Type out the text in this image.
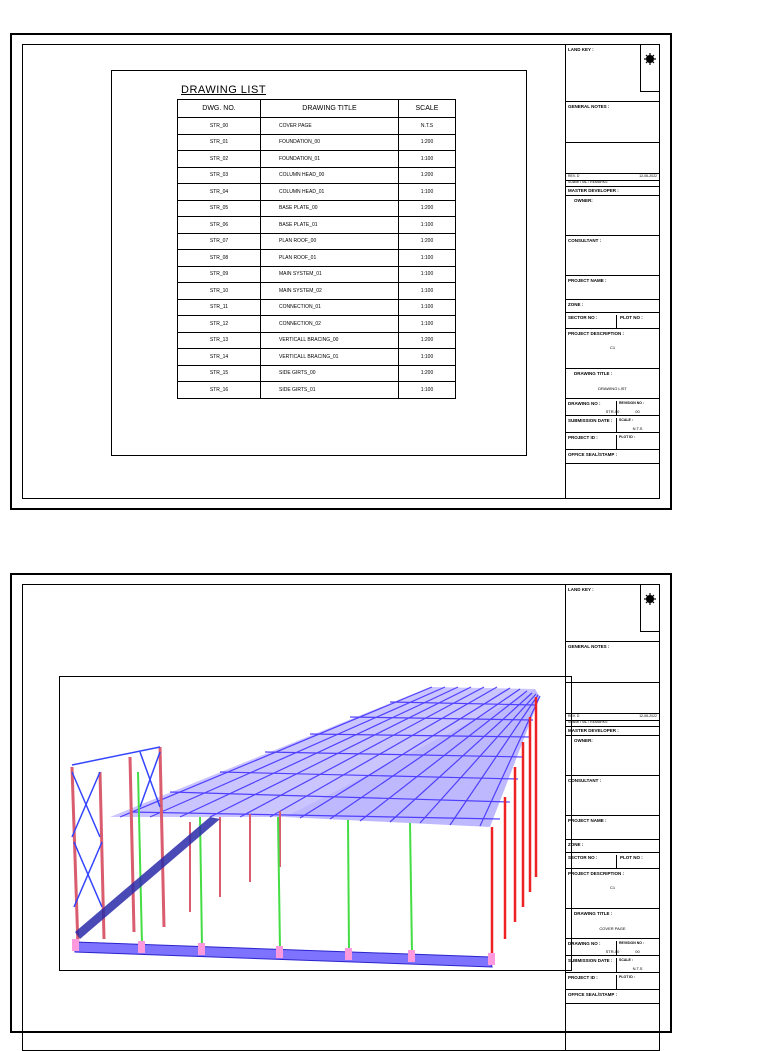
DRAWING LIST
DWG. NO.	DRAWING TITLE	SCALE
STR_00	COVER PAGE	N.T.S
STR_01	FOUNDATION_00	1:200
STR_02	FOUNDATION_01	1:100
STR_03	COLUMN HEAD_00	1:200
STR_04	COLUMN HEAD_01	1:100
STR_05	BASE PLATE_00	1:200
STR_06	BASE PLATE_01	1:100
STR_07	PLAN ROOF_00	1:200
STR_08	PLAN ROOF_01	1:100
STR_09	MAIN SYSTEM_01	1:100
STR_10	MAIN SYSTEM_02	1:100
STR_11	CONNECTION_01	1:100
STR_12	CONNECTION_02	1:100
STR_13	VERTICALL BRACING_00	1:200
STR_14	VERTICALL BRACING_01	1:100
STR_15	SIDE GIRTS_00	1:200
STR_16	SIDE GIRTS_01	1:100
LAND KEY :
GENERAL NOTES :
MASTER DEVELOPER :
OWNER:
CONSULTANT :
PROJECT NAME :
ZONE :
SECTOR NO :
PROJECT DESCRIPTION :
DRAWING TITLE :
DRAWING NO :
SUBMISSION DATE :
PROJECT ID :
OFFICE SEAL/STAMP :
REV. D
SUBMITTAL / REMARKS
12-06-2022
PLOT NO :
C1
DRAWING LIST
STR-00
N.T.S
00
REVISION NO :
SCALE :
PLOT ID :
LAND KEY :
GENERAL NOTES :
MASTER DEVELOPER :
OWNER:
CONSULTANT :
PROJECT NAME :
ZONE :
SECTOR NO :
PROJECT DESCRIPTION :
DRAWING TITLE :
DRAWING NO :
SUBMISSION DATE :
PROJECT ID :
OFFICE SEAL/STAMP :
REV. D
SUBMITTAL / REMARKS
12-06-2022
PLOT NO :
C1
COVER PAGE
STR-00
N.T.S
00
REVISION NO :
SCALE :
PLOT ID :
